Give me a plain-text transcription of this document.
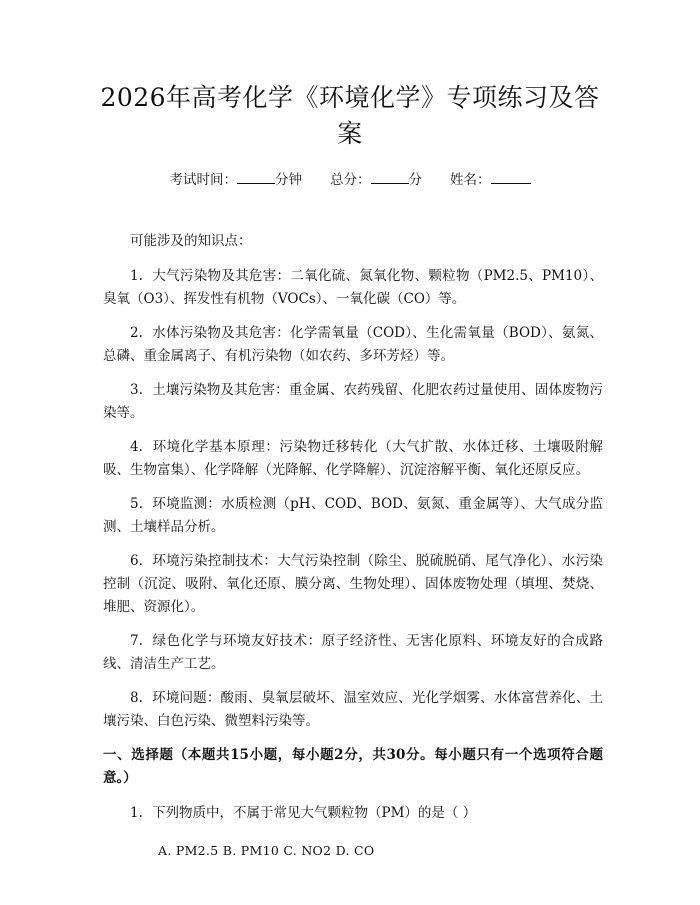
2026年高考化学《环境化学》专项练习及答案
考试时间：	分钟 总分：	分 姓名：
可能涉及的知识点：
1. 大气污染物及其危害：二氧化硫、氮氧化物、颗粒物（PM2.5、PM10）、臭氧（O3）、挥发性有机物（VOCs）、一氧化碳（CO）等。
2. 水体污染物及其危害：化学需氧量（COD）、生化需氧量（BOD）、氨氮、总磷、重金属离子、有机污染物（如农药、多环芳烃）等。
3. 土壤污染物及其危害：重金属、农药残留、化肥农药过量使用、固体废物污染等。
4. 环境化学基本原理：污染物迁移转化（大气扩散、水体迁移、土壤吸附解吸、生物富集）、化学降解（光降解、化学降解）、沉淀溶解平衡、氧化还原反应。
5. 环境监测：水质检测（pH、COD、BOD、氨氮、重金属等）、大气成分监测、土壤样品分析。
6. 环境污染控制技术：大气污染控制（除尘、脱硫脱硝、尾气净化）、水污染控制（沉淀、吸附、氧化还原、膜分离、生物处理）、固体废物处理（填埋、焚烧、堆肥、资源化）。
7. 绿色化学与环境友好技术：原子经济性、无害化原料、环境友好的合成路线、清洁生产工艺。
8. 环境问题：酸雨、臭氧层破坏、温室效应、光化学烟雾、水体富营养化、土壤污染、白色污染、微塑料污染等。
一、选择题（本题共15小题，每小题2分，共30分。每小题只有一个选项符合题意。）
1. 下列物质中，不属于常见大气颗粒物（PM）的是（ ）
A. PM2.5 B. PM10 C. NO2 D. CO
